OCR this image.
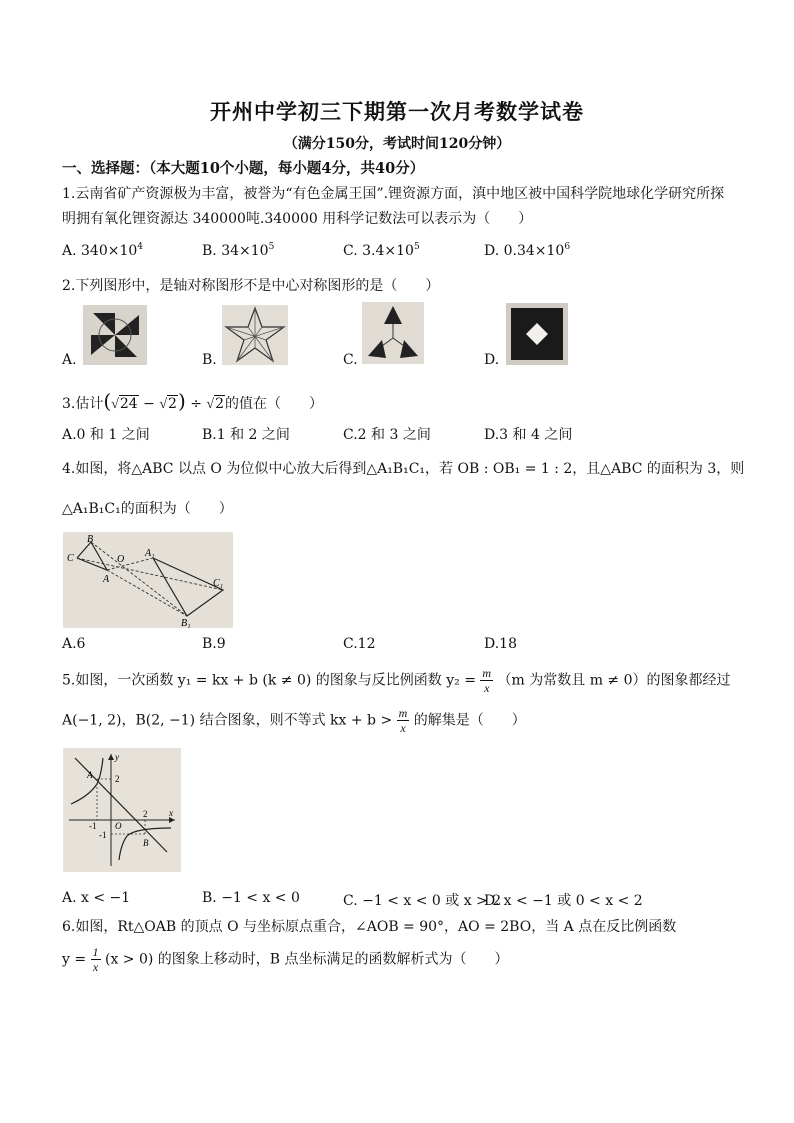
开州中学初三下期第一次月考数学试卷
（满分150分，考试时间120分钟）
一、选择题：（本大题10个小题，每小题4分，共40分）
1.云南省矿产资源极为丰富，被誉为“有色金属王国”.锂资源方面，滇中地区被中国科学院地球化学研究所探
明拥有氧化锂资源达 340000吨.340000 用科学记数法可以表示为（　　）
A. $340\times 10^4$	B. $34\times 10^5$	C. $3.4\times 10^5$	D. $0.34\times 10^6$
2.下列图形中，是轴对称图形不是中心对称图形的是（　　）
A.	B.	C.	D.
3.估计(√24 − √2) ÷ √2的值在（　　）
A.0 和 1 之间	B.1 和 2 之间	C.2 和 3 之间	D.3 和 4 之间
4.如图，将△ABC 以点 O 为位似中心放大后得到△A₁B₁C₁，若 OB : OB₁ = 1 : 2，且△ABC 的面积为 3，则
△A₁B₁C₁的面积为（　　）
B
C	O
A
A₁
C₁
B₁
A.6	B.9	C.12	D.18
5.如图，一次函数 y₁ = kx + b (k ≠ 0) 的图象与反比例函数 $y_2 = \frac{m}{x} (m$ 为常数且 m ≠ 0）的图象都经过
A(−1, 2)，B(2, −1) 结合图象，则不等式 kx + $b > \frac{m}{x}$ 的解集是（　　）
y
A	2
-1 O
2 x
-1
B
A. x < −1	B. −1 < x < 0	C. −1 < x < 0 或 x > 2
D. x < −1 或 0 < x < 2
6.如图，Rt△OAB 的顶点 O 与坐标原点重合，∠AOB = 90°，AO = 2BO，当 A 点在反比例函数
$y = \frac{1}{x} (x > 0)$ 的图象上移动时，B 点坐标满足的函数解析式为（　　）
